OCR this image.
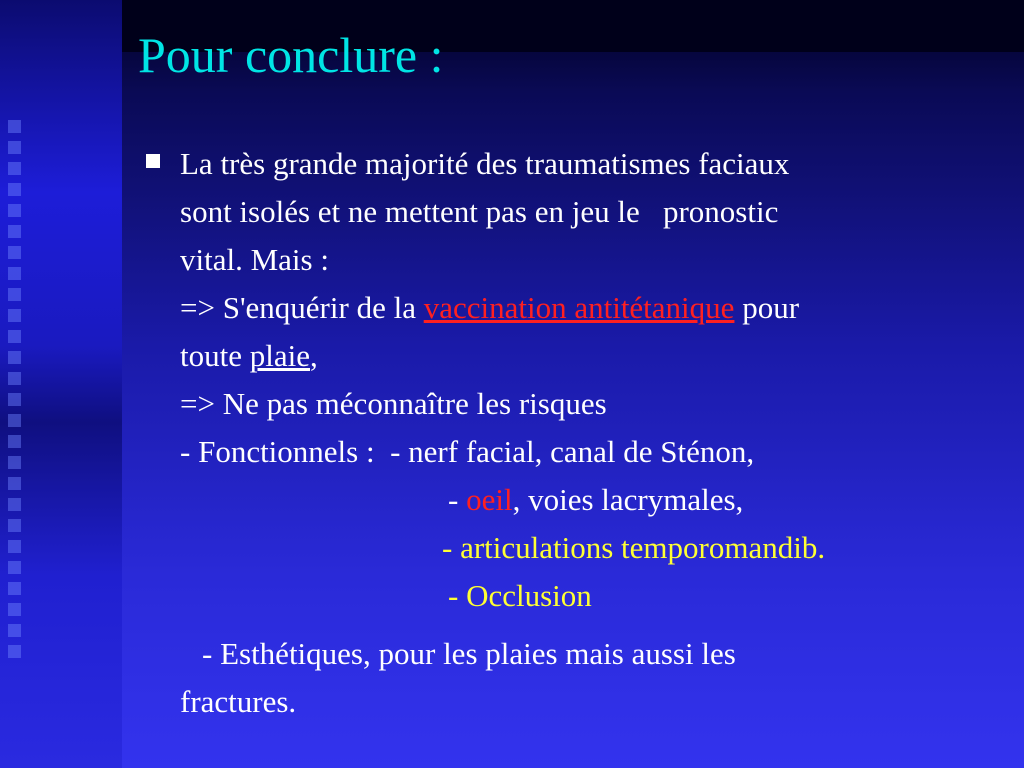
Pour conclure :
La très grande majorité des traumatismes faciaux
sont isolés et ne mettent pas en jeu le   pronostic
vital. Mais :
=> S'enquérir de la vaccination antitétanique pour
toute plaie,
=> Ne pas méconnaître les risques
- Fonctionnels :  - nerf facial, canal de Sténon,
- oeil, voies lacrymales,
- articulations temporomandib.
- Occlusion
- Esthétiques, pour les plaies mais aussi les
fractures.
